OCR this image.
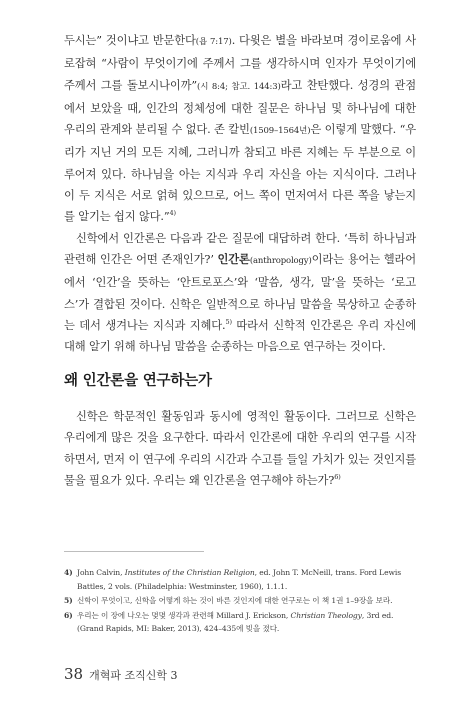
두시는” 것이냐고 반문한다(욥 7:17). 다윗은 별을 바라보며 경이로움에 사로잡혀 “사람이 무엇이기에 주께서 그를 생각하시며 인자가 무엇이기에 주께서 그를 돌보시나이까”(시 8:4; 참고. 144:3)라고 찬탄했다. 성경의 관점에서 보았을 때, 인간의 정체성에 대한 질문은 하나님 및 하나님에 대한 우리의 관계와 분리될 수 없다. 존 칼빈(1509–1564년)은 이렇게 말했다. “우리가 지닌 거의 모든 지혜, 그러니까 참되고 바른 지혜는 두 부분으로 이루어져 있다. 하나님을 아는 지식과 우리 자신을 아는 지식이다. 그러나 이 두 지식은 서로 얽혀 있으므로, 어느 쪽이 먼저여서 다른 쪽을 낳는지를 알기는 쉽지 않다.”$^{4)}$

신학에서 인간론은 다음과 같은 질문에 대답하려 한다. ‘특히 하나님과 관련해 인간은 어떤 존재인가?’ 인간론(anthropology)이라는 용어는 헬라어에서 ‘인간’을 뜻하는 ‘안트로포스’와 ‘말씀, 생각, 말’을 뜻하는 ‘로고스’가 결합된 것이다. 신학은 일반적으로 하나님 말씀을 묵상하고 순종하는 데서 생겨나는 지식과 지혜다.$^{5)}$ 따라서 신학적 인간론은 우리 자신에 대해 알기 위해 하나님 말씀을 순종하는 마음으로 연구하는 것이다.

왜 인간론을 연구하는가

신학은 학문적인 활동임과 동시에 영적인 활동이다. 그러므로 신학은 우리에게 많은 것을 요구한다. 따라서 인간론에 대한 우리의 연구를 시작하면서, 먼저 이 연구에 우리의 시간과 수고를 들일 가치가 있는 것인지를 물을 필요가 있다. 우리는 왜 인간론을 연구해야 하는가?$^{6)}$

4) John Calvin, Institutes of the Christian Religion, ed. John T. McNeill, trans. Ford Lewis Battles, 2 vols. (Philadelphia: Westminster, 1960), 1.1.1.
5) 신학이 무엇이고, 신학을 어떻게 하는 것이 바른 것인지에 대한 연구로는 이 책 1권 1–9장을 보라.
6) 우리는 이 장에 나오는 몇몇 생각과 관련해 Millard J. Erickson, Christian Theology, 3rd ed. (Grand Rapids, MI: Baker, 2013), 424–435에 빚을 졌다.
38 개혁파 조직신학 3
